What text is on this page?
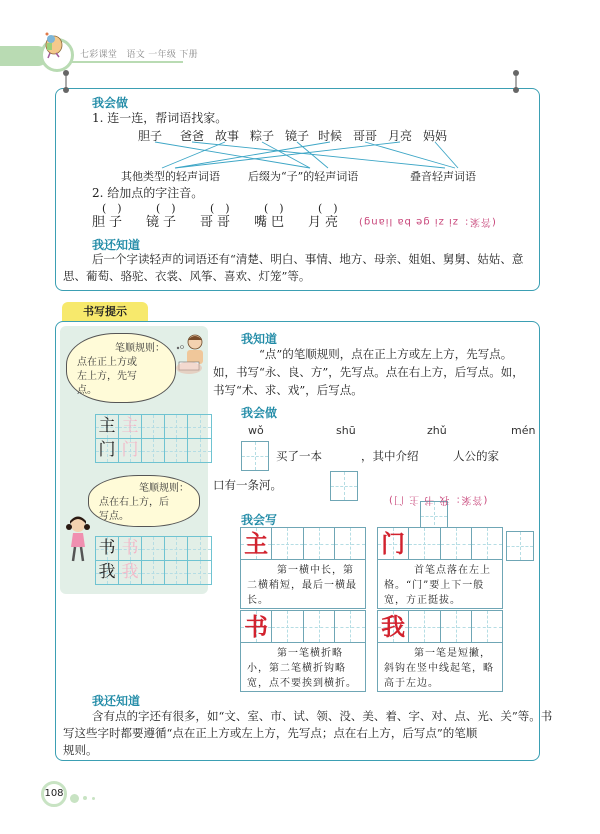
七彩课堂　语文 一年级 下册
我会做
1. 连一连，帮词语找家。
胆子 爸爸 故事 粽子 镜子 时候 哥哥 月亮 妈妈
其他类型的轻声词语	后缀为“子”的轻声词语	叠音轻声词语
2. 给加点的字注音。
(　)
胆子
(　)
镜子
(　)
哥哥
(　)
嘴巴
(　)
月亮 (答案：zi zi ge ba liang)
我还知道
后一个字读轻声的词语还有“清楚、明白、事情、地方、母亲、姐姐、舅舅、姑姑、意
思、葡萄、骆驼、衣裳、风筝、喜欢、灯笼”等。
书写提示
笔顺规则：
点在正上方或
左上方，先写
点。
主 主
门 门
笔顺规则：
点在右上方，后
写点。
书 书
我 我
我知道
“点”的笔顺规则，点在正上方或左上方，先写点。
如，书写“永、良、方”，先写点。点在右上方，后写点。如，
书写“术、求、戏”，后写点。
我会做
wǒ	shū	zhǔ	mén
买了一本	，其中介绍	人公的家
口有一条河。
(答案：我 书 主 门)
我会写
主
第一横中长，第二横稍短，最后一横最长。
门
首笔点落在左上格。“门”要上下一般宽，方正挺拔。
书
第一笔横折略小，第二笔横折钩略宽，点不要挨到横折。
我
第一笔是短撇，斜钩在竖中线起笔，略高于左边。
我还知道
含有点的字还有很多，如“文、室、市、试、领、没、美、着、字、对、点、光、关”等。书
写这些字时都要遵循“点在正上方或左上方，先写点；点在右上方，后写点”的笔顺
规则。
108
